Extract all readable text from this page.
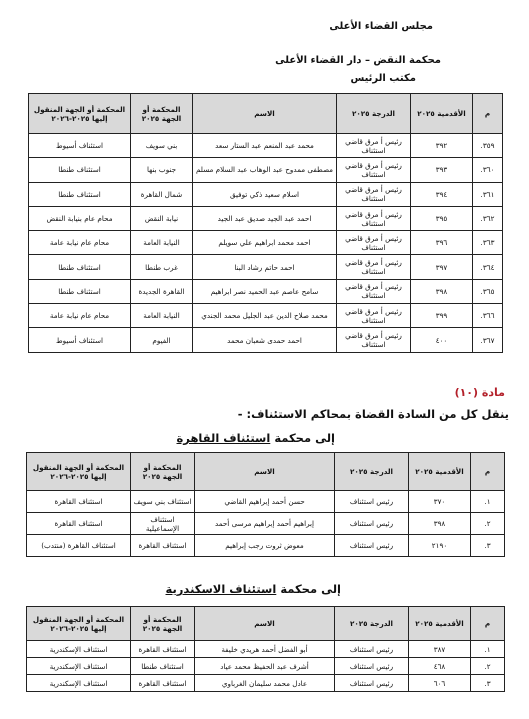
مجلس القضاء الأعلى
محكمة النقض – دار القضاء الأعلى
مكتب الرئيس
م	الأقدمية ٢٠٢٥	الدرجة ٢٠٢٥	الاسم	المحكمة أو الجهة ٢٠٢٥	المحكمة أو الجهة المنقول إليها ٢٠٢٥-٢٠٢٦
٣٥٩.	٣٩٢	رئيس أ مرق قاضي استئناف	محمد عبد المنعم عبد الستار سعد	بني سويف	استئناف أسيوط
٣٦٠.	٣٩٣	رئيس أ مرق قاضي استئناف	مصطفى ممدوح عبد الوهاب عبد السلام مسلم	جنوب بنها	استئناف طنطا
٣٦١.	٣٩٤	رئيس أ مرق قاضي استئناف	اسلام سعيد ذكي توفيق	شمال القاهرة	استئناف طنطا
٣٦٢.	٣٩٥	رئيس أ مرق قاضي استئناف	احمد عبد الجيد صديق عبد الجيد	نيابة النقض	محام عام بنيابة النقض
٣٦٣.	٣٩٦	رئيس أ مرق قاضي استئناف	احمد محمد ابراهيم علي سويلم	النيابة العامة	محام عام نيابة عامة
٣٦٤.	٣٩٧	رئيس أ مرق قاضي استئناف	احمد حاتم رشاد البنا	غرب طنطا	استئناف طنطا
٣٦٥.	٣٩٨	رئيس أ مرق قاضي استئناف	سامح عاصم عبد الحميد نصر ابراهيم	القاهرة الجديدة	استئناف طنطا
٣٦٦.	٣٩٩	رئيس أ مرق قاضي استئناف	محمد صلاح الدين عبد الجليل محمد الجندي	النيابة العامة	محام عام نيابة عامة
٣٦٧.	٤٠٠	رئيس أ مرق قاضي استئناف	احمد حمدى شعبان محمد	الفيوم	استئناف أسيوط
مادة (١٠)
ينقل كل من السادة القضاة بمحاكم الاستئناف: -
إلى محكمة استئناف القاهرة
م	الأقدمية ٢٠٢٥	الدرجة ٢٠٢٥	الاسم	المحكمة أو الجهة ٢٠٢٥	المحكمة أو الجهة المنقول إليها ٢٠٢٥-٢٠٢٦
١.	٣٧٠	رئيس استئناف	حسن أحمد إبراهيم القاضي	استئناف بني سويف	استئناف القاهرة
٢.	٣٩٨	رئيس استئناف	إبراهيم أحمد إبراهيم مرسى أحمد	استئناف الإسماعيلية	استئناف القاهرة
٣.	٢١٩٠	رئيس استئناف	معوض ثروت رجب إبراهيم	استئناف القاهرة	استئناف القاهرة (منتدب)
إلى محكمة استئناف الاسكندرية
م	الأقدمية ٢٠٢٥	الدرجة ٢٠٢٥	الاسم	المحكمة أو الجهة ٢٠٢٥	المحكمة أو الجهة المنقول إليها ٢٠٢٥-٢٠٢٦
١.	٣٨٧	رئيس استئناف	أبو الفضل أحمد هريدي خليفة	استئناف القاهرة	استئناف الإسكندرية
٢.	٤٦٨	رئيس استئناف	أشرف عبد الحفيظ محمد عياد	استئناف طنطا	استئناف الإسكندرية
٣.	٦٠٦	رئيس استئناف	عادل محمد سليمان الغرباوي	استئناف القاهرة	استئناف الإسكندرية
